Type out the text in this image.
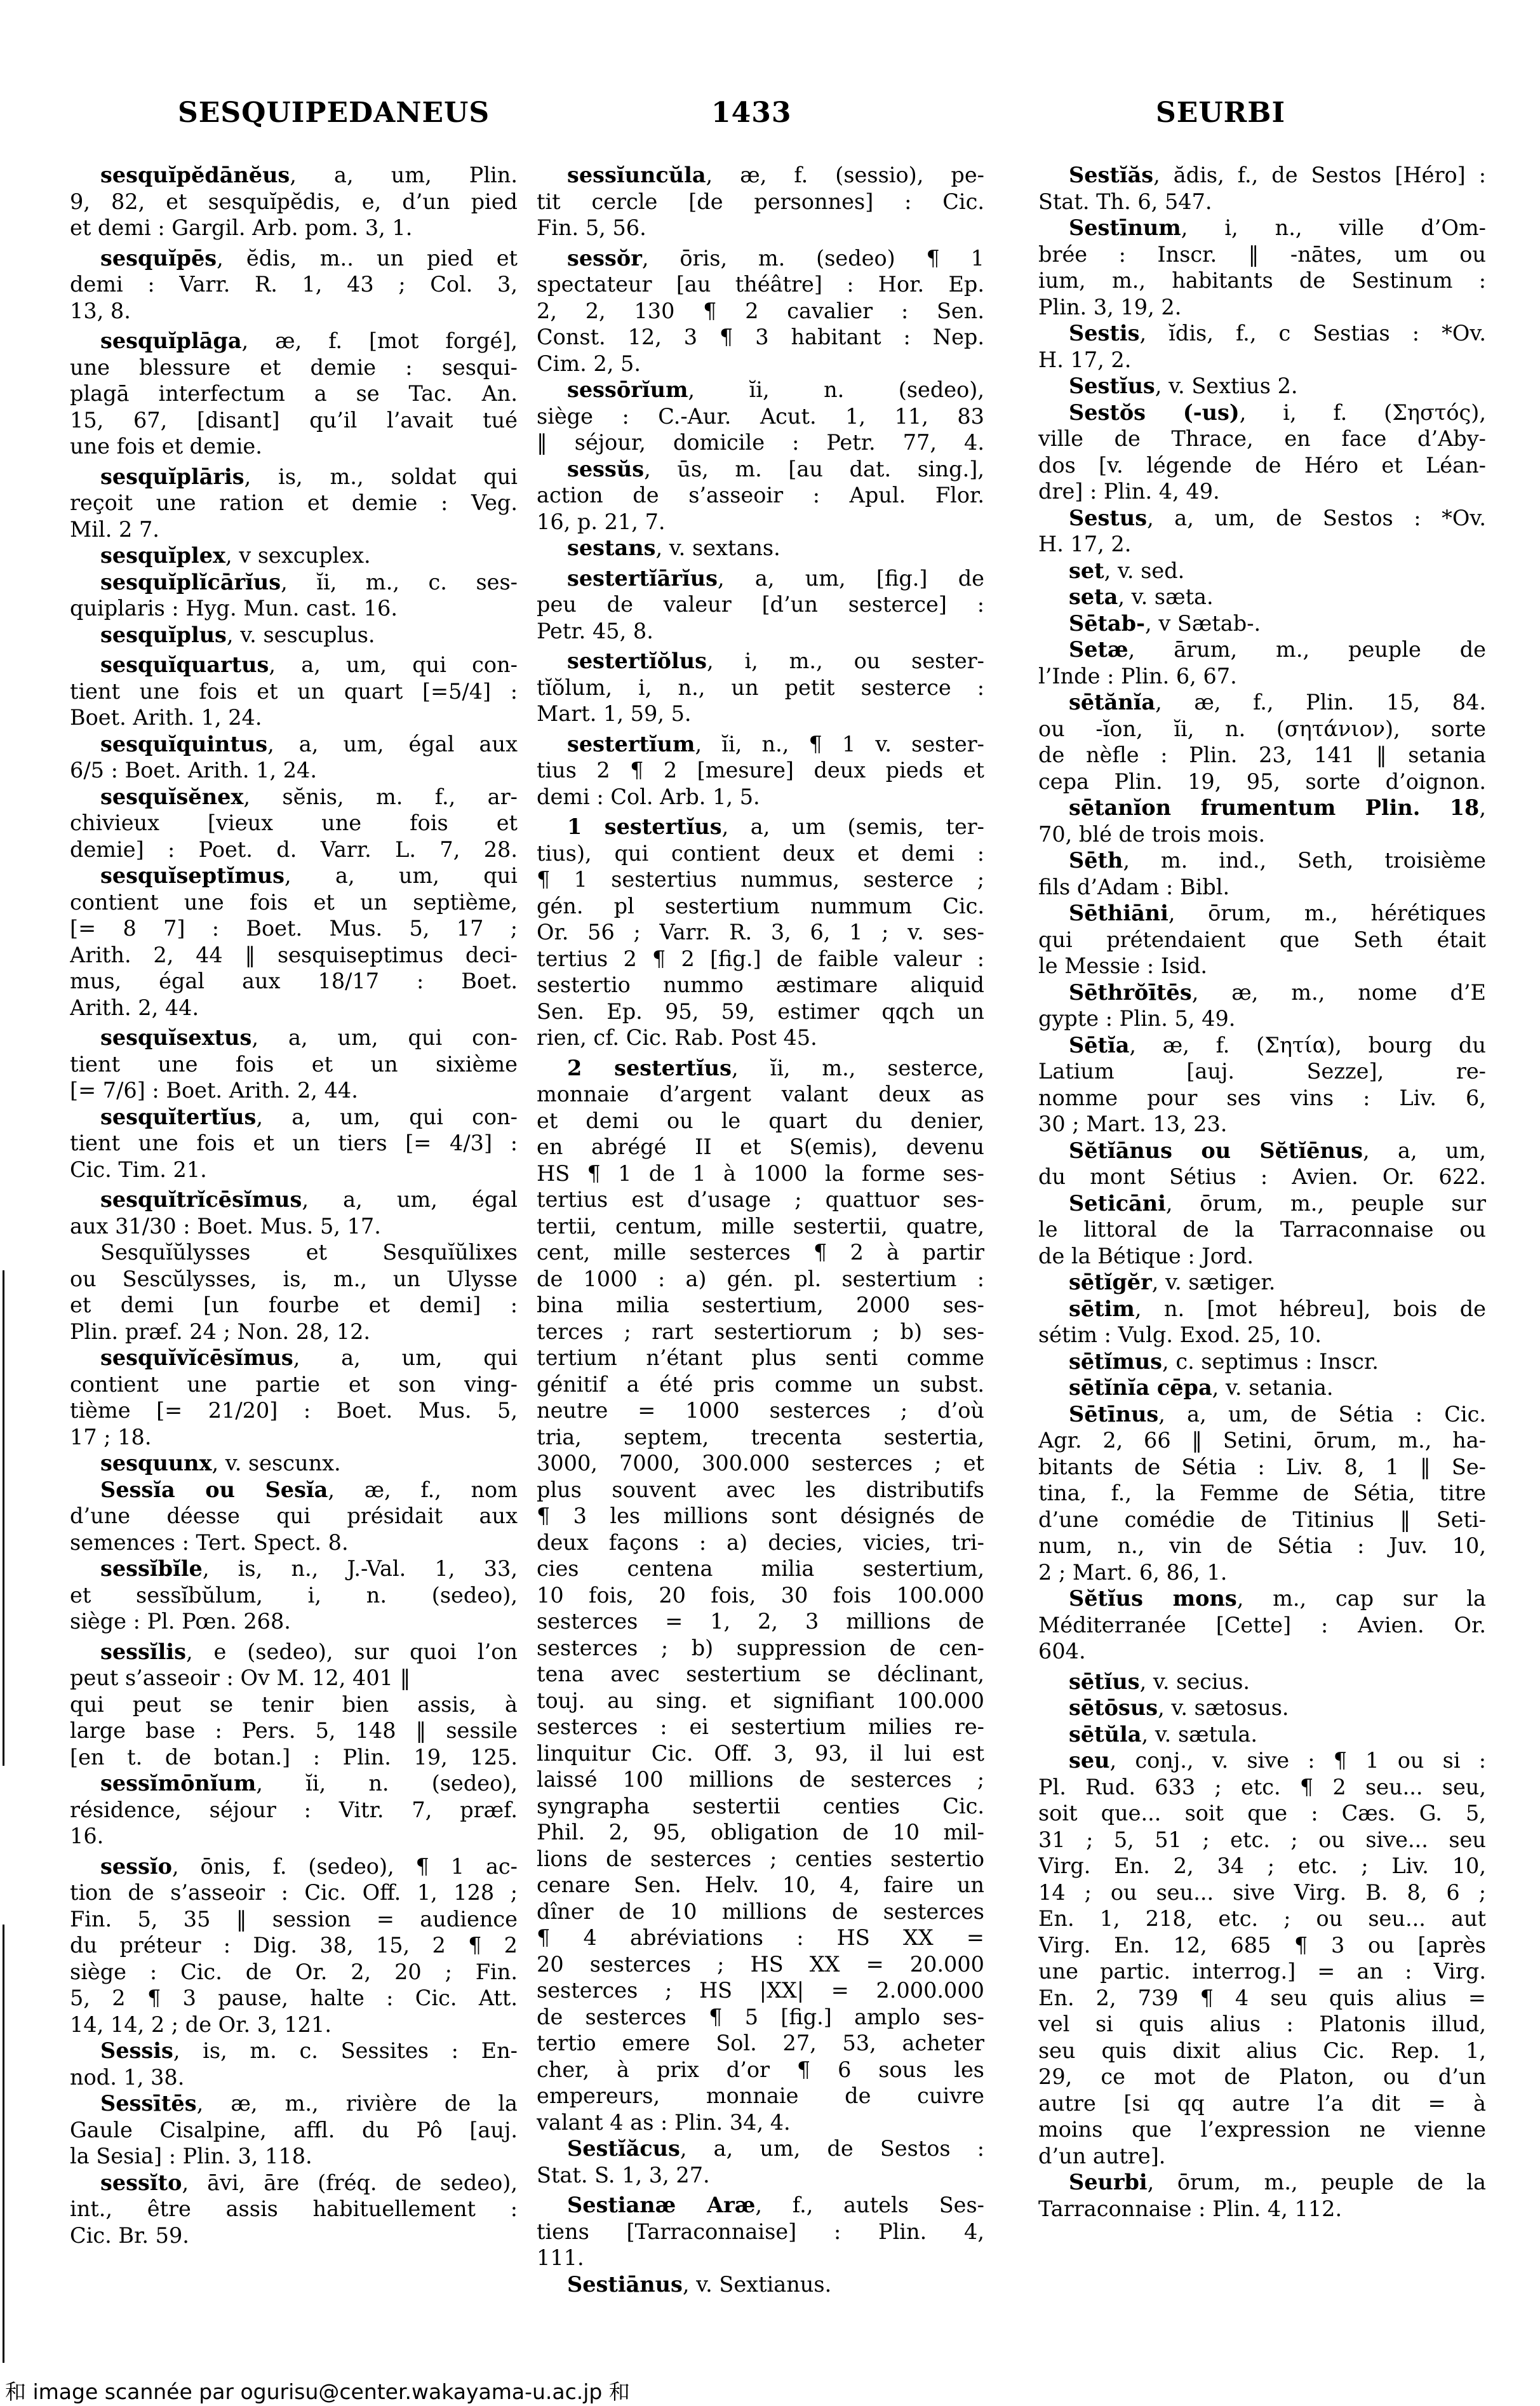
SESQUIPEDANEUS	1433	SEURBI
sesquĭpĕdānĕus, a, um, Plin.
9, 82, et sesquĭpĕdis, e, d’un pied
et demi : Gargil. Arb. pom. 3, 1.
sesquĭpēs, ĕdis, m.. un pied et
demi : Varr. R. 1, 43 ; Col. 3,
13, 8.
sesquĭplāga, æ, f. [mot forgé],
une blessure et demie : sesqui-
plagā interfectum a se Tac. An.
15, 67, [disant] qu’il l’avait tué
une fois et demie.
sesquĭplāris, is, m., soldat qui
reçoit une ration et demie : Veg.
Mil. 2 7.
sesquĭplex, v sexcuplex.
sesquĭplĭcārĭus, ĭi, m., c. ses-
quiplaris : Hyg. Mun. cast. 16.
sesquĭplus, v. sescuplus.
sesquĭquartus, a, um, qui con-
tient une fois et un quart [=5/4] :
Boet. Arith. 1, 24.
sesquĭquintus, a, um, égal aux
6/5 : Boet. Arith. 1, 24.
sesquĭsĕnex, sĕnis, m. f., ar-
chivieux [vieux une fois et
demie] : Poet. d. Varr. L. 7, 28.
sesquĭseptĭmus, a, um, qui
contient une fois et un septième,
[= 8 7] : Boet. Mus. 5, 17 ;
Arith. 2, 44 ‖ sesquiseptimus deci-
mus, égal aux 18/17 : Boet.
Arith. 2, 44.
sesquĭsextus, a, um, qui con-
tient une fois et un sixième
[= 7/6] : Boet. Arith. 2, 44.
sesquĭtertĭus, a, um, qui con-
tient une fois et un tiers [= 4/3] :
Cic. Tim. 21.
sesquĭtrĭcēsĭmus, a, um, égal
aux 31/30 : Boet. Mus. 5, 17.
Sesquĭŭlysses et Sesquĭŭlixes
ou Sescŭlysses, is, m., un Ulysse
et demi [un fourbe et demi] :
Plin. præf. 24 ; Non. 28, 12.
sesquĭvĭcēsĭmus, a, um, qui
contient une partie et son ving-
tième [= 21/20] : Boet. Mus. 5,
17 ; 18.
sesquunx, v. sescunx.
Sessĭa ou Sesĭa, æ, f., nom
d’une déesse qui présidait aux
semences : Tert. Spect. 8.
sessĭbĭle, is, n., J.-Val. 1, 33,
et sessĭbŭlum, i, n. (sedeo),
siège : Pl. Pœn. 268.
sessĭlis, e (sedeo), sur quoi l’on
peut s’asseoir : Ov M. 12, 401 ‖
qui peut se tenir bien assis, à
large base : Pers. 5, 148 ‖ sessile
[en t. de botan.] : Plin. 19, 125.
sessĭmōnĭum, ĭi, n. (sedeo),
résidence, séjour : Vitr. 7, præf.
16.
sessĭo, ōnis, f. (sedeo), ¶ 1 ac-
tion de s’asseoir : Cic. Off. 1, 128 ;
Fin. 5, 35 ‖ session = audience
du préteur : Dig. 38, 15, 2 ¶ 2
siège : Cic. de Or. 2, 20 ; Fin.
5, 2 ¶ 3 pause, halte : Cic. Att.
14, 14, 2 ; de Or. 3, 121.
Sessis, is, m. c. Sessites : En-
nod. 1, 38.
Sessītēs, æ, m., rivière de la
Gaule Cisalpine, affl. du Pô [auj.
la Sesia] : Plin. 3, 118.
sessĭto, āvi, āre (fréq. de sedeo),
int., être assis habituellement :
Cic. Br. 59.
sessĭuncŭla, æ, f. (sessio), pe-
tit cercle [de personnes] : Cic.
Fin. 5, 56.
sessŏr, ōris, m. (sedeo) ¶ 1
spectateur [au théâtre] : Hor. Ep.
2, 2, 130 ¶ 2 cavalier : Sen.
Const. 12, 3 ¶ 3 habitant : Nep.
Cim. 2, 5.
sessōrĭum, ĭi, n. (sedeo),
siège : C.-Aur. Acut. 1, 11, 83
‖ séjour, domicile : Petr. 77, 4.
sessŭs, ūs, m. [au dat. sing.],
action de s’asseoir : Apul. Flor.
16, p. 21, 7.
sestans, v. sextans.
sestertĭārĭus, a, um, [fig.] de
peu de valeur [d’un sesterce] :
Petr. 45, 8.
sestertĭŏlus, i, m., ou sester-
tĭŏlum, i, n., un petit sesterce :
Mart. 1, 59, 5.
sestertĭum, ĭi, n., ¶ 1 v. sester-
tius 2 ¶ 2 [mesure] deux pieds et
demi : Col. Arb. 1, 5.
1 sestertĭus, a, um (semis, ter-
tius), qui contient deux et demi :
¶ 1 sestertius nummus, sesterce ;
gén. pl sestertium nummum Cic.
Or. 56 ; Varr. R. 3, 6, 1 ; v. ses-
tertius 2 ¶ 2 [fig.] de faible valeur :
sestertio nummo æstimare aliquid
Sen. Ep. 95, 59, estimer qqch un
rien, cf. Cic. Rab. Post 45.
2 sestertĭus, ĭi, m., sesterce,
monnaie d’argent valant deux as
et demi ou le quart du denier,
en abrégé II et S(emis), devenu
HS ¶ 1 de 1 à 1000 la forme ses-
tertius est d’usage ; quattuor ses-
tertii, centum, mille sestertii, quatre,
cent, mille sesterces ¶ 2 à partir
de 1000 : a) gén. pl. sestertium :
bina milia sestertium, 2000 ses-
terces ; rart sestertiorum ; b) ses-
tertium n’étant plus senti comme
génitif a été pris comme un subst.
neutre = 1000 sesterces ; d’où
tria, septem, trecenta sestertia,
3000, 7000, 300.000 sesterces ; et
plus souvent avec les distributifs
¶ 3 les millions sont désignés de
deux façons : a) decies, vicies, tri-
cies centena milia sestertium,
10 fois, 20 fois, 30 fois 100.000
sesterces = 1, 2, 3 millions de
sesterces ; b) suppression de cen-
tena avec sestertium se déclinant,
touj. au sing. et signifiant 100.000
sesterces : ei sestertium milies re-
linquitur Cic. Off. 3, 93, il lui est
laissé 100 millions de sesterces ;
syngrapha sestertii centies Cic.
Phil. 2, 95, obligation de 10 mil-
lions de sesterces ; centies sestertio
cenare Sen. Helv. 10, 4, faire un
dîner de 10 millions de sesterces
¶ 4 abréviations : HS XX =
20 sesterces ; HS XX = 20.000
sesterces ; HS |XX| = 2.000.000
de sesterces ¶ 5 [fig.] amplo ses-
tertio emere Sol. 27, 53, acheter
cher, à prix d’or ¶ 6 sous les
empereurs, monnaie de cuivre
valant 4 as : Plin. 34, 4.
Sestĭăcus, a, um, de Sestos :
Stat. S. 1, 3, 27.
Sestianæ Aræ, f., autels Ses-
tiens [Tarraconnaise] : Plin. 4,
111.
Sestiānus, v. Sextianus.
Sestĭăs, ădis, f., de Sestos [Héro] :
Stat. Th. 6, 547.
Sestīnum, i, n., ville d’Om-
brée : Inscr. ‖ -nātes, um ou
ium, m., habitants de Sestinum :
Plin. 3, 19, 2.
Sestis, ĭdis, f., c Sestias : *Ov.
H. 17, 2.
Sestĭus, v. Sextius 2.
Sestŏs (-us), i, f. (Σηστός),
ville de Thrace, en face d’Aby-
dos [v. légende de Héro et Léan-
dre] : Plin. 4, 49.
Sestus, a, um, de Sestos : *Ov.
H. 17, 2.
set, v. sed.
seta, v. sæta.
Sētab-, v Sætab-.
Setæ, ārum, m., peuple de
l’Inde : Plin. 6, 67.
sētănĭa, æ, f., Plin. 15, 84.
ou -ĭon, ĭi, n. (σητάνιον), sorte
de nèfle : Plin. 23, 141 ‖ setania
cepa Plin. 19, 95, sorte d’oignon.
sētanĭon frumentum Plin. 18,
70, blé de trois mois.
Sēth, m. ind., Seth, troisième
fils d’Adam : Bibl.
Sēthiāni, ōrum, m., hérétiques
qui prétendaient que Seth était
le Messie : Isid.
Sēthrŏītēs, æ, m., nome d’E
gypte : Plin. 5, 49.
Sētĭa, æ, f. (Σητία), bourg du
Latium [auj. Sezze], re-
nomme pour ses vins : Liv. 6,
30 ; Mart. 13, 23.
Sĕtĭānus ou Sĕtĭēnus, a, um,
du mont Sétius : Avien. Or. 622.
Seticāni, ōrum, m., peuple sur
le littoral de la Tarraconnaise ou
de la Bétique : Jord.
sētĭgĕr, v. sætiger.
sētim, n. [mot hébreu], bois de
sétim : Vulg. Exod. 25, 10.
sētĭmus, c. septimus : Inscr.
sētĭnĭa cēpa, v. setania.
Sētīnus, a, um, de Sétia : Cic.
Agr. 2, 66 ‖ Setini, ōrum, m., ha-
bitants de Sétia : Liv. 8, 1 ‖ Se-
tina, f., la Femme de Sétia, titre
d’une comédie de Titinius ‖ Seti-
num, n., vin de Sétia : Juv. 10,
2 ; Mart. 6, 86, 1.
Sĕtĭus mons, m., cap sur la
Méditerranée [Cette] : Avien. Or.
604.
sētĭus, v. secius.
sētōsus, v. sætosus.
sētŭla, v. sætula.
seu, conj., v. sive : ¶ 1 ou si :
Pl. Rud. 633 ; etc. ¶ 2 seu... seu,
soit que... soit que : Cæs. G. 5,
31 ; 5, 51 ; etc. ; ou sive... seu
Virg. En. 2, 34 ; etc. ; Liv. 10,
14 ; ou seu... sive Virg. B. 8, 6 ;
En. 1, 218, etc. ; ou seu... aut
Virg. En. 12, 685 ¶ 3 ou [après
une partic. interrog.] = an : Virg.
En. 2, 739 ¶ 4 seu quis alius =
vel si quis alius : Platonis illud,
seu quis dixit alius Cic. Rep. 1,
29, ce mot de Platon, ou d’un
autre [si qq autre l’a dit = à
moins que l’expression ne vienne
d’un autre].
Seurbi, ōrum, m., peuple de la
Tarraconnaise : Plin. 4, 112.
和 image scannée par ogurisu@center.wakayama-u.ac.jp 和
